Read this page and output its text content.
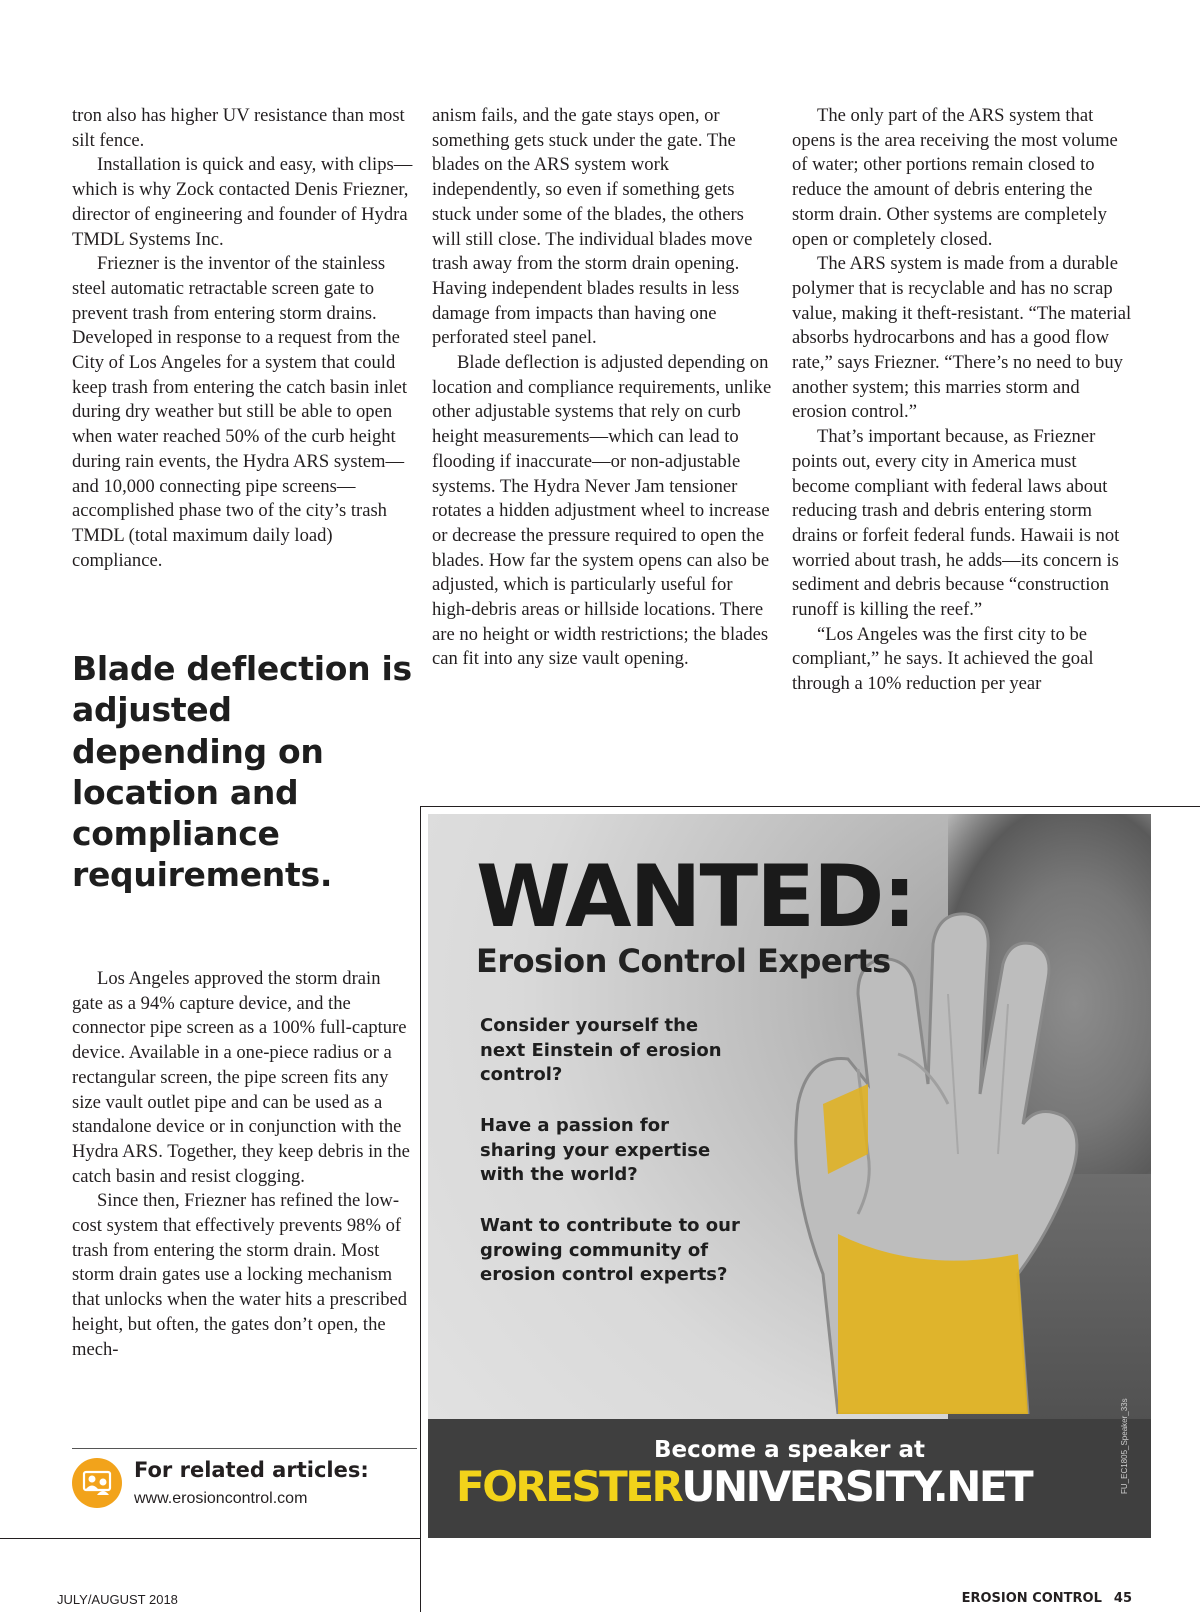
tron also has higher UV resistance than most silt fence.

Installation is quick and easy, with clips—which is why Zock contacted Denis Friezner, director of engineering and founder of Hydra TMDL Systems Inc.

Friezner is the inventor of the stainless steel automatic retractable screen gate to prevent trash from entering storm drains. Developed in response to a request from the City of Los Angeles for a system that could keep trash from entering the catch basin inlet during dry weather but still be able to open when water reached 50% of the curb height during rain events, the Hydra ARS system—and 10,000 connecting pipe screens—accomplished phase two of the city’s trash TMDL (total maximum daily load) compliance.

Blade deflection is adjusted depending on location and compliance requirements.

Los Angeles approved the storm drain gate as a 94% capture device, and the connector pipe screen as a 100% full-capture device. Available in a one-piece radius or a rectangular screen, the pipe screen fits any size vault outlet pipe and can be used as a standalone device or in conjunction with the Hydra ARS. Together, they keep debris in the catch basin and resist clogging.

Since then, Friezner has refined the low-cost system that effectively prevents 98% of trash from entering the storm drain. Most storm drain gates use a locking mechanism that unlocks when the water hits a prescribed height, but often, the gates don’t open, the mech-

anism fails, and the gate stays open, or something gets stuck under the gate. The blades on the ARS system work independently, so even if something gets stuck under some of the blades, the others will still close. The individual blades move trash away from the storm drain opening. Having independent blades results in less damage from impacts than having one perforated steel panel.

Blade deflection is adjusted depending on location and compliance requirements, unlike other adjustable systems that rely on curb height measurements—which can lead to flooding if inaccurate—or non-adjustable systems. The Hydra Never Jam tensioner rotates a hidden adjustment wheel to increase or decrease the pressure required to open the blades. How far the system opens can also be adjusted, which is particularly useful for high-debris areas or hillside locations. There are no height or width restrictions; the blades can fit into any size vault opening.

The only part of the ARS system that opens is the area receiving the most volume of water; other portions remain closed to reduce the amount of debris entering the storm drain. Other systems are completely open or completely closed.

The ARS system is made from a durable polymer that is recyclable and has no scrap value, making it theft-resistant. “The material absorbs hydrocarbons and has a good flow rate,” says Friezner. “There’s no need to buy another system; this marries storm and erosion control.”

That’s important because, as Friezner points out, every city in America must become compliant with federal laws about reducing trash and debris entering storm drains or forfeit federal funds. Hawaii is not worried about trash, he adds—its concern is sediment and debris because “construction runoff is killing the reef.”

“Los Angeles was the first city to be compliant,” he says. It achieved the goal through a 10% reduction per year

For related articles:
www.erosioncontrol.com
WANTED:
Erosion Control Experts
Consider yourself the next Einstein of erosion control?
Have a passion for sharing your expertise with the world?
Want to contribute to our growing community of erosion control experts?
Become a speaker at
FORESTERUNIVERSITY.NET	FU_EC1805_Speaker_33s
JULY/AUGUST 2018	EROSION CONTROL 45
